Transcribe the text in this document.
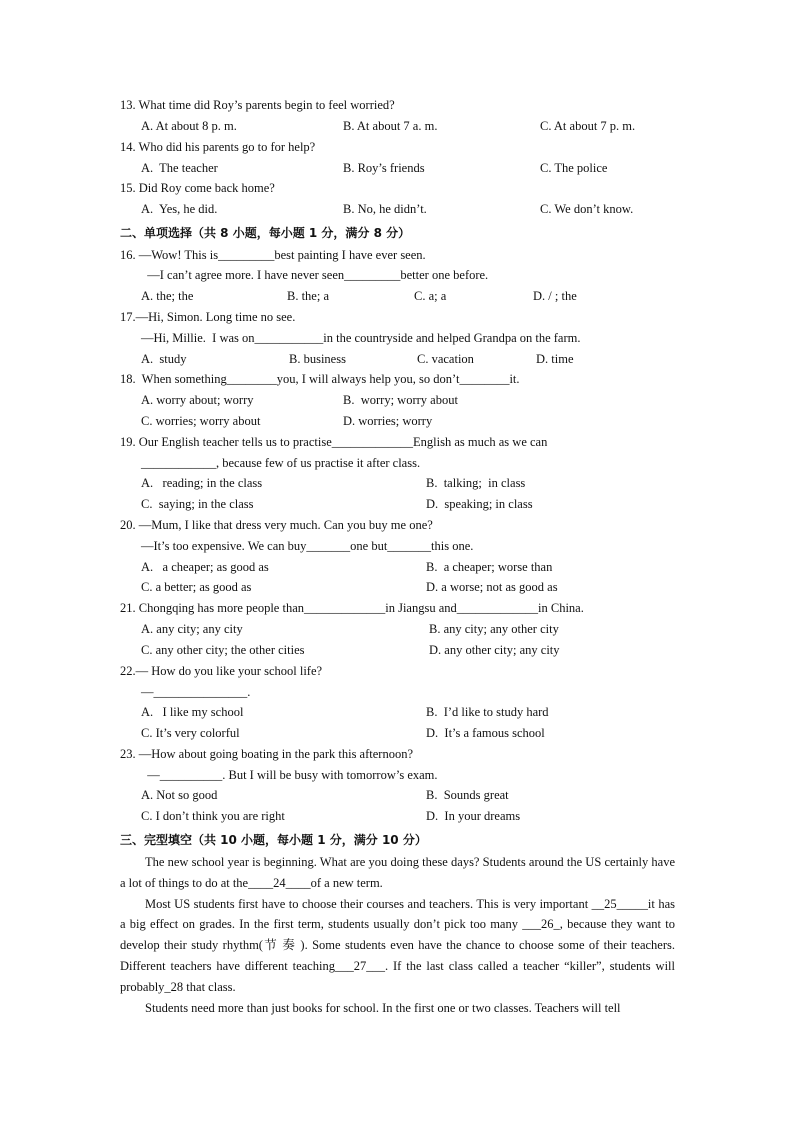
13. What time did Roy’s parents begin to feel worried?
A. At about 8 p. m.	B. At about 7 a. m.	C. At about 7 p. m.
14. Who did his parents go to for help?
A.  The teacher	B. Roy’s friends	C. The police
15. Did Roy come back home?
A.  Yes, he did.	B. No, he didn’t.	C. We don’t know.
二、单项选择（共 8 小题，每小题 1 分，满分 8 分）
16. —Wow! This is_________best painting I have ever seen.
—I can’t agree more. I have never seen_________better one before.
A. the; the	B. the; a	C. a; a	D. / ; the
17.—Hi, Simon. Long time no see.
—Hi, Millie.  I was on___________in the countryside and helped Grandpa on the farm.
A.  study	B. business	C. vacation	D. time
18.  When something________you, I will always help you, so don’t________it.
A. worry about; worry	B.  worry; worry about
C. worries; worry about	D. worries; worry
19. Our English teacher tells us to practise_____________English as much as we can
____________, because few of us practise it after class.
A.   reading; in the class	B.  talking;  in class
C.  saying; in the class	D.  speaking; in class
20. —Mum, I like that dress very much. Can you buy me one?
—It’s too expensive. We can buy_______one but_______this one.
A.   a cheaper; as good as	B.  a cheaper; worse than
C. a better; as good as	D. a worse; not as good as
21. Chongqing has more people than_____________in Jiangsu and_____________in China.
A. any city; any city	B. any city; any other city
C. any other city; the other cities	D. any other city; any city
22.— How do you like your school life?
—_______________.
A.   I like my school	B.  I’d like to study hard
C. It’s very colorful	D.  It’s a famous school
23. —How about going boating in the park this afternoon?
—__________. But I will be busy with tomorrow’s exam.
A. Not so good	B.  Sounds great
C. I don’t think you are right	D.  In your dreams
三、完型填空（共 10 小题，每小题 1 分，满分 10 分）
The new school year is beginning. What are you doing these days? Students around the US certainly have a lot of things to do at the____24____of a new term.
Most US students first have to choose their courses and teachers. This is very important __25_____it has a big effect on grades. In the first term, students usually don’t pick too many ___26_, because they want to develop their study rhythm(节 奏 ). Some students even have the chance to choose some of their teachers. Different teachers have different teaching___27___. If the last class called a teacher “killer”, students will probably_28 that class.
Students need more than just books for school. In the first one or two classes. Teachers will tell
